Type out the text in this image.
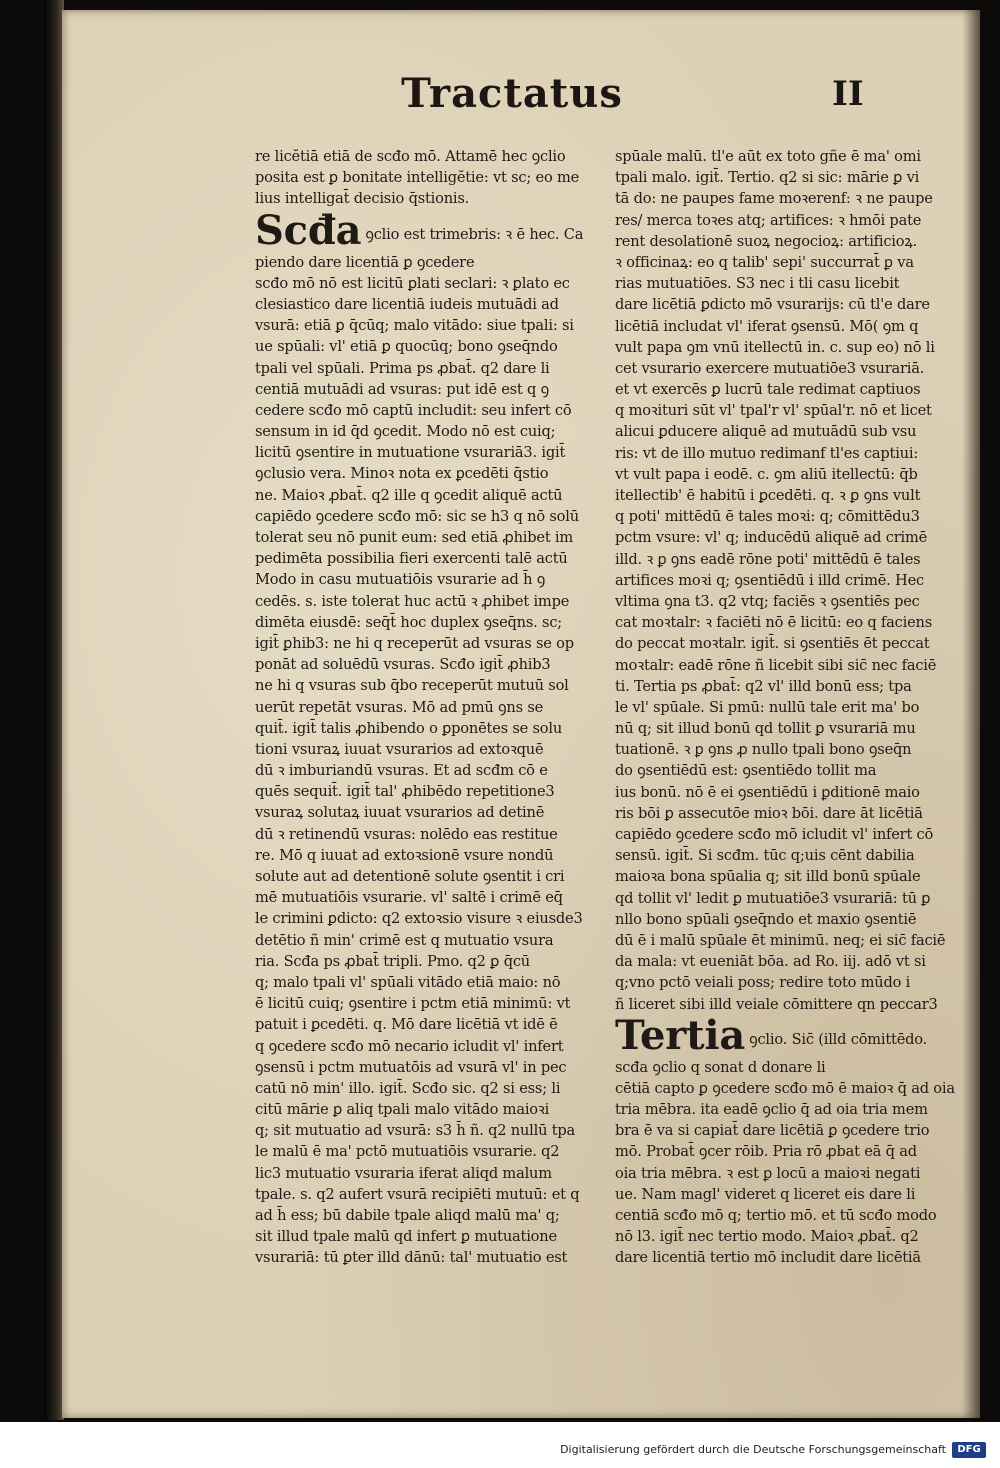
Tractatus	II
re licĕtiā etiā de scđo mō. Attamē hec ꝯclio
posita est ꝑ bonitate intelligĕtie: vt sc; eo me
lius intelligat̄ decisio q̄stionis.
Scđa ꝯclio est trimebris: ꝛ ē hec. Ca
piendo dare licentiā ꝑ ꝯcedere
scđo mō nō est licitū ꝑlati seclari: ꝛ ꝑlato ec
clesiastico dare licentiā iudeis mutuādi ad
vsurā: etiā ꝑ q̄cūq; malo vitādo: siue tpali: si
ue spūali: vl' etiā ꝑ quocūq; bono ꝯseq̄ndo
tpali vel spūali. Prima ps ꝓbat̄. q2 dare li
centiā mutuādi ad vsuras: put idē est q ꝯ
cedere scđo mō captū includit: seu infert cō
sensum in id q̄d ꝯcedit. Modo nō est cuiq;
licitū ꝯsentire in mutuatione vsurariā3. igit̄
ꝯclusio vera. Minoꝛ nota ex ꝑcedēti q̄stio
ne. Maioꝛ ꝓbat̄. q2 ille q ꝯcedit aliquē actū
capiēdo ꝯcedere scđo mō: sic se h3 q nō solū
tolerat seu nō punit eum: sed etiā ꝓhibet im
pedimēta possibilia fieri exercenti talē actū
Modo in casu mutuatiōis vsurarie ad h̄ ꝯ
cedēs. s. iste tolerat huc actū ꝛ ꝓhibet impe
dimēta eiusdē: seq̄t̄ hoc duplex ꝯseq̄ns. sc;
igit̄ ꝑhib3: ne hi q receperūt ad vsuras se op
ponāt ad soluēdū vsuras. Scđo igit̄ ꝓhib3
ne hi q vsuras sub q̄bo receperūt mutuū sol
uerūt repetāt vsuras. Mō ad pmū ꝯns se
quit̄. igit̄ talis ꝓhibendo o ꝑponētes se solu
tioni vsuraꝝ iuuat vsurarios ad extoꝛquē
dū ꝛ imburiandū vsuras. Et ad scđm cō e
quēs sequit̄. igit̄ tal' ꝓhibēdo repetitione3
vsuraꝝ solutaꝝ iuuat vsurarios ad detinē
dū ꝛ retinendū vsuras: nolēdo eas restitue
re. Mō q iuuat ad extoꝛsionē vsure nondū
solute aut ad detentionē solute ꝯsentit i cri
mē mutuatiōis vsurarie. vl' saltē i crimē eq̄
le crimini ꝑdicto: q2 extoꝛsio visure ꝛ eiusde3
detētio ñ min' crimē est q mutuatio vsura
ria. Scđa ps ꝓbat̄ tripli. Pmo. q2 ꝑ q̄cū
q; malo tpali vl' spūali vitādo etiā maio: nō
ē licitū cuiq; ꝯsentire i pctm etiā minimū: vt
patuit i ꝑcedēti. q. Mō dare licētiā vt idē ē
q ꝯcedere scđo mō necario icludit vl' infert
ꝯsensū i pctm mutuatōis ad vsurā vl' in pec
catū nō min' illo. igit̄. Scđo sic. q2 si ess; li
citū mārie ꝑ aliq tpali malo vitādo maioꝛi
q; sit mutuatio ad vsurā: s3 h̄ ñ. q2 nullū tpa
le malū ē ma' pctō mutuatiōis vsurarie. q2
lic3 mutuatio vsuraria iferat aliqd malum
tpale. s. q2 aufert vsurā recipiēti mutuū: et q
ad h̄ ess; bū dabile tpale aliqd malū ma' q;
sit illud tpale malū qd infert ꝑ mutuatione
vsurariā: tū ꝑter illd dānū: tal' mutuatio est
spūale malū. tl'e aūt ex toto gñe ē ma' omi
tpali malo. igit̄. Tertio. q2 si sic: mārie ꝑ vi
tā do: ne paupes fame moꝛerenf: ꝛ ne paupe
res/ merca toꝛes atq; artifices: ꝛ hmōi pate
rent desolationē suoꝝ negocioꝝ: artificioꝝ.
ꝛ officinaꝝ: eo q talib' sepi' succurrat̄ ꝑ va
rias mutuatiōes. S3 nec i tli casu licebit
dare licētiā ꝑdicto mō vsurarijs: cū tl'e dare
licētiā includat vl' iferat ꝯsensū. Mō( ꝯm q
vult papa ꝯm vnū itellectū in. c. sup eo) nō li
cet vsurario exercere mutuatiōe3 vsurariā.
et vt exercēs ꝑ lucrū tale redimat captiuos
q moꝛituri sūt vl' tpal'r vl' spūal'r. nō et licet
alicui ꝑducere aliquē ad mutuādū sub vsu
ris: vt de illo mutuo redimanf tl'es captiui:
vt vult papa i eodē. c. ꝯm aliū itellectū: q̄b
itellectib' ē habitū i ꝑcedēti. q. ꝛ ꝑ ꝯns vult
q poti' mittēdū ē tales moꝛi: q; cōmittēdu3
pctm vsure: vl' q; inducēdū aliquē ad crimē
illd. ꝛ ꝑ ꝯns eadē rōne poti' mittēdū ē tales
artifices moꝛi q; ꝯsentiēdū i illd crimē. Hec
vltima ꝯna t3. q2 vtq; faciēs ꝛ ꝯsentiēs pec
cat moꝛtalr: ꝛ faciēti nō ē licitū: eo q faciens
do peccat moꝛtalr. igit̄. si ꝯsentiēs ēt peccat
moꝛtalr: eadē rōne ñ licebit sibi sic̄ nec faciē
ti. Tertia ps ꝓbat̄: q2 vl' illd bonū ess; tpa
le vl' spūale. Si pmū: nullū tale erit ma' bo
nū q; sit illud bonū qd tollit ꝑ vsurariā mu
tuationē. ꝛ ꝑ ꝯns ꝓ nullo tpali bono ꝯseq̄n
do ꝯsentiēdū est: ꝯsentiēdo tollit ma
ius bonū. nō ē ei ꝯsentiēdū i ꝑditionē maio
ris bōi ꝑ assecutōe mioꝛ bōi. dare āt licētiā
capiēdo ꝯcedere scđo mō icludit vl' infert cō
sensū. igit̄. Si scđm. tūc q;uis cēnt dabilia
maioꝛa bona spūalia q; sit illd bonū spūale
qd tollit vl' ledit ꝑ mutuatiōe3 vsurariā: tū ꝑ
nllo bono spūali ꝯseq̄ndo et maxio ꝯsentiē
dū ē i malū spūale ēt minimū. neq; ei sic̄ faciē
da mala: vt eueniāt bōa. ad Ro. iij. adō vt si
q;vno pctō veiali poss; redire toto mūdo i
ñ liceret sibi illd veiale cōmittere qn peccar3
Tertia ꝯclio. Sic̄ (illd cōmittēdo.
scđa ꝯclio q sonat d donare li
cētiā capto ꝑ ꝯcedere scđo mō ē maioꝛ q̄ ad oia
tria mēbra. ita eadē ꝯclio q̄ ad oia tria mem
bra ē va si capiat̄ dare licētiā ꝑ ꝯcedere trio
mō. Probat̄ ꝯcer rōib. Pria rō ꝓbat eā q̄ ad
oia tria mēbra. ꝛ est ꝑ locū a maioꝛi negati
ue. Nam magl' videret q liceret eis dare li
centiā scđo mō q; tertio mō. et tū scđo modo
nō l3. igit̄ nec tertio modo. Maioꝛ ꝓbat̄. q2
dare licentiā tertio mō includit dare licētiā
Digitalisierung gefördert durch die Deutsche Forschungsgemeinschaft	DFG
